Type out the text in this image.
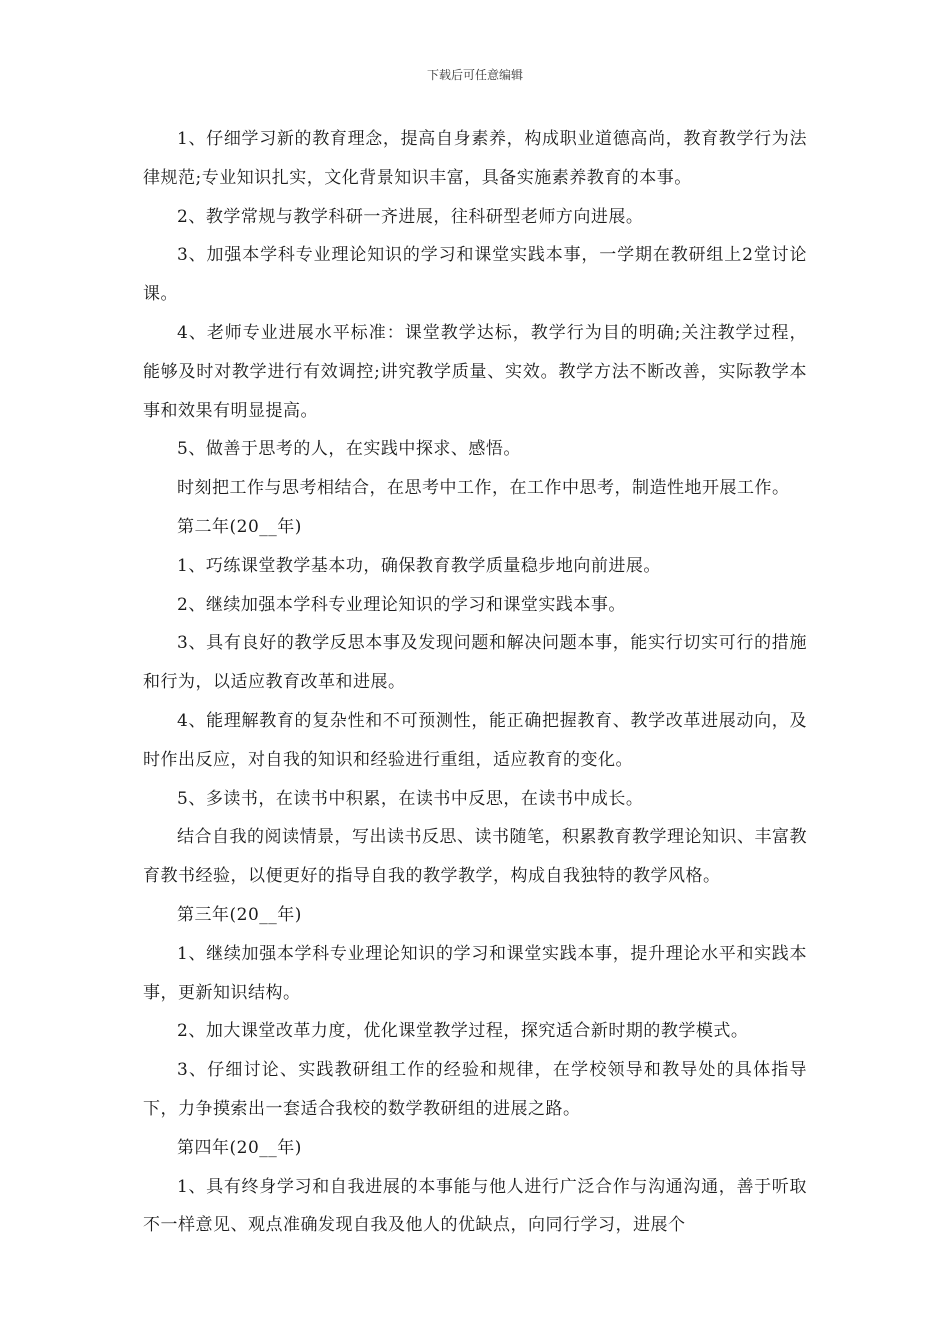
下载后可任意编辑

1、仔细学习新的教育理念，提高自身素养，构成职业道德高尚，教育教学行为法律规范;专业知识扎实，文化背景知识丰富，具备实施素养教育的本事。

2、教学常规与教学科研一齐进展，往科研型老师方向进展。

3、加强本学科专业理论知识的学习和课堂实践本事，一学期在教研组上2堂讨论课。

4、老师专业进展水平标准：课堂教学达标，教学行为目的明确;关注教学过程，能够及时对教学进行有效调控;讲究教学质量、实效。教学方法不断改善，实际教学本事和效果有明显提高。

5、做善于思考的人，在实践中探求、感悟。

时刻把工作与思考相结合，在思考中工作，在工作中思考，制造性地开展工作。

第二年(20__年)

1、巧练课堂教学基本功，确保教育教学质量稳步地向前进展。

2、继续加强本学科专业理论知识的学习和课堂实践本事。

3、具有良好的教学反思本事及发现问题和解决问题本事，能实行切实可行的措施和行为，以适应教育改革和进展。

4、能理解教育的复杂性和不可预测性，能正确把握教育、教学改革进展动向，及时作出反应，对自我的知识和经验进行重组，适应教育的变化。

5、多读书，在读书中积累，在读书中反思，在读书中成长。

结合自我的阅读情景，写出读书反思、读书随笔，积累教育教学理论知识、丰富教育教书经验，以便更好的指导自我的教学教学，构成自我独特的教学风格。

第三年(20__年)

1、继续加强本学科专业理论知识的学习和课堂实践本事，提升理论水平和实践本事，更新知识结构。

2、加大课堂改革力度，优化课堂教学过程，探究适合新时期的教学模式。

3、仔细讨论、实践教研组工作的经验和规律，在学校领导和教导处的具体指导下，力争摸索出一套适合我校的数学教研组的进展之路。

第四年(20__年)

1、具有终身学习和自我进展的本事能与他人进行广泛合作与沟通沟通，善于听取不一样意见、观点准确发现自我及他人的优缺点，向同行学习，进展个
